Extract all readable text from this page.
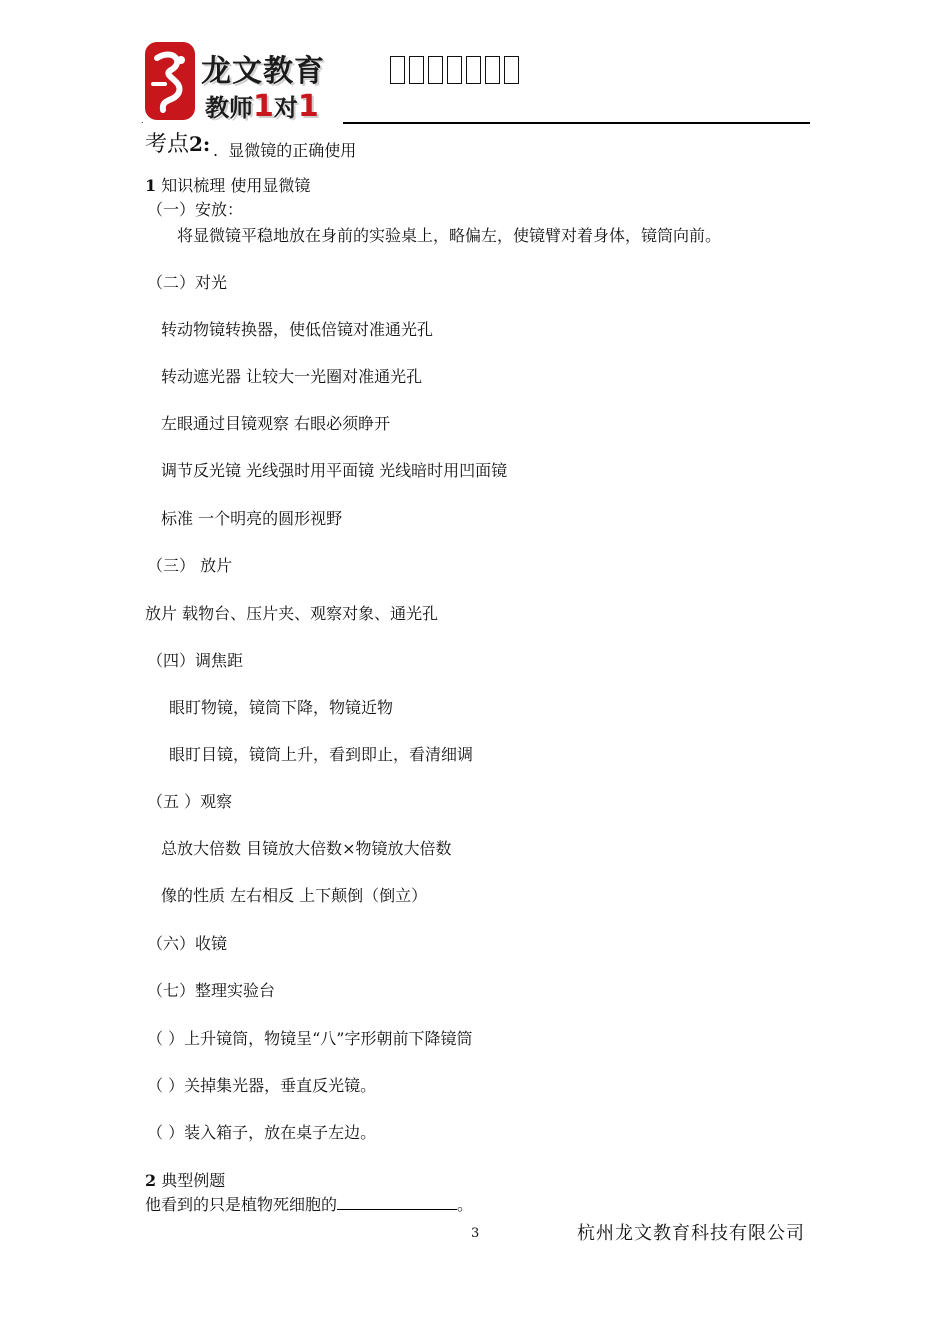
龙文教育
教师1对1
.
考点2: . 显微镜的正确使用
1 知识梳理 使用显微镜
（一）安放：
将显微镜平稳地放在身前的实验桌上，略偏左，使镜臂对着身体，镜筒向前。
（二）对光
转动物镜转换器，使低倍镜对准通光孔
转动遮光器 让较大一光圈对准通光孔
左眼通过目镜观察 右眼必须睁开
调节反光镜 光线强时用平面镜 光线暗时用凹面镜
标准 一个明亮的圆形视野
（三） 放片
放片 载物台、压片夹、观察对象、通光孔
（四）调焦距
眼盯物镜，镜筒下降，物镜近物
眼盯目镜，镜筒上升，看到即止，看清细调
（五 ）观察
总放大倍数 目镜放大倍数×物镜放大倍数
像的性质 左右相反 上下颠倒（倒立）
（六）收镜
（七）整理实验台
（ ）上升镜筒，物镜呈“八”字形朝前下降镜筒
（ ）关掉集光器，垂直反光镜。
（ ）装入箱子，放在桌子左边。
2 典型例题
他看到的只是植物死细胞的	。
3	杭州龙文教育科技有限公司
